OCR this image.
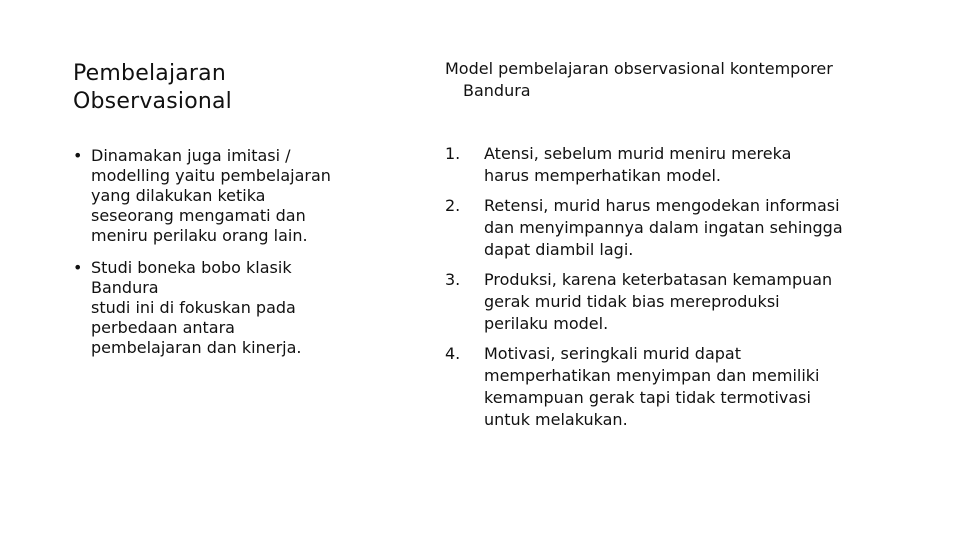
Pembelajaran
Observasional
• Dinamakan juga imitasi /
modelling yaitu pembelajaran
yang dilakukan ketika
seseorang mengamati dan
meniru perilaku orang lain.
• Studi boneka bobo klasik
Bandura
studi ini di fokuskan pada
perbedaan antara
pembelajaran dan kinerja.
Model pembelajaran observasional kontemporer
Bandura
1. Atensi, sebelum murid meniru mereka
harus memperhatikan model.
2. Retensi, murid harus mengodekan informasi
dan menyimpannya dalam ingatan sehingga
dapat diambil lagi.
3. Produksi, karena keterbatasan kemampuan
gerak murid tidak bias mereproduksi
perilaku model.
4. Motivasi, seringkali murid dapat
memperhatikan menyimpan dan memiliki
kemampuan gerak tapi tidak termotivasi
untuk melakukan.
